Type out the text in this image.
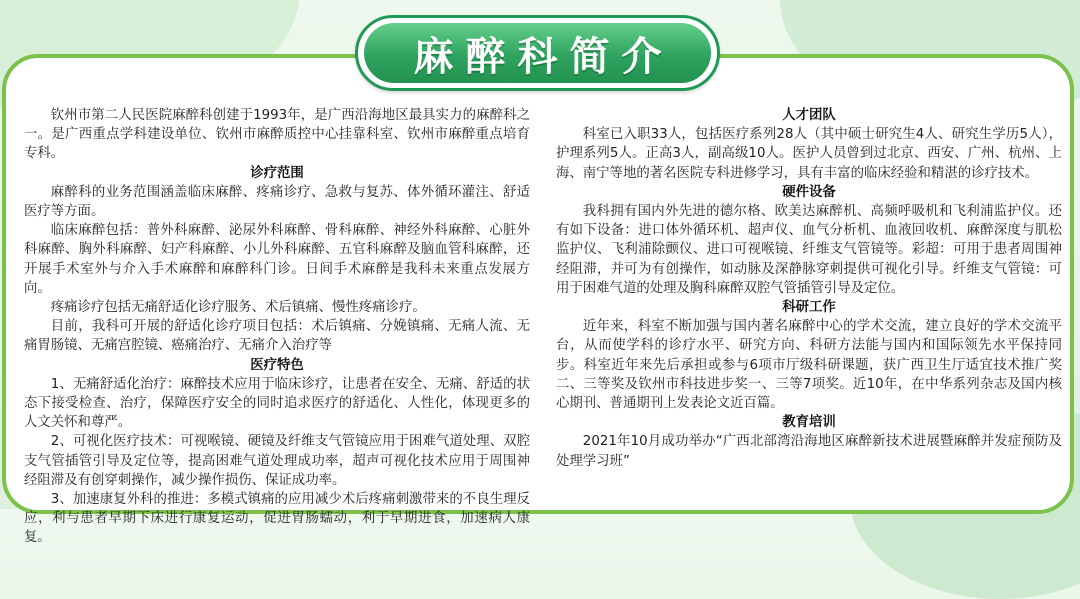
麻醉科简介

钦州市第二人民医院麻醉科创建于1993年，是广西沿海地区最具实力的麻醉科之一。是广西重点学科建设单位、钦州市麻醉质控中心挂靠科室、钦州市麻醉重点培育专科。

诊疗范围

麻醉科的业务范围涵盖临床麻醉、疼痛诊疗、急救与复苏、体外循环灌注、舒适医疗等方面。

临床麻醉包括：普外科麻醉、泌尿外科麻醉、骨科麻醉、神经外科麻醉、心脏外科麻醉、胸外科麻醉、妇产科麻醉、小儿外科麻醉、五官科麻醉及脑血管科麻醉，还开展手术室外与介入手术麻醉和麻醉科门诊。日间手术麻醉是我科未来重点发展方向。

疼痛诊疗包括无痛舒适化诊疗服务、术后镇痛、慢性疼痛诊疗。

目前，我科可开展的舒适化诊疗项目包括：术后镇痛、分娩镇痛、无痛人流、无痛胃肠镜、无痛宫腔镜、癌痛治疗、无痛介入治疗等

医疗特色

1、无痛舒适化治疗：麻醉技术应用于临床诊疗，让患者在安全、无痛、舒适的状态下接受检查、治疗，保障医疗安全的同时追求医疗的舒适化、人性化，体现更多的人文关怀和尊严。

2、可视化医疗技术：可视喉镜、硬镜及纤维支气管镜应用于困难气道处理、双腔支气管插管引导及定位等，提高困难气道处理成功率，超声可视化技术应用于周围神经阻滞及有创穿刺操作，减少操作损伤、保证成功率。

3、加速康复外科的推进：多模式镇痛的应用减少术后疼痛刺激带来的不良生理反应，利与患者早期下床进行康复运动，促进胃肠蠕动，利于早期进食，加速病人康复。

人才团队

科室已入职33人，包括医疗系列28人（其中硕士研究生4人、研究生学历5人），护理系列5人。正高3人，副高级10人。医护人员曾到过北京、西安、广州、杭州、上海、南宁等地的著名医院专科进修学习，具有丰富的临床经验和精湛的诊疗技术。

硬件设备

我科拥有国内外先进的德尔格、欧美达麻醉机、高频呼吸机和飞利浦监护仪。还有如下设备：进口体外循环机、超声仪、血气分析机、血液回收机、麻醉深度与肌松监护仪、飞利浦除颤仪、进口可视喉镜、纤维支气管镜等。彩超：可用于患者周围神经阻滞，并可为有创操作，如动脉及深静脉穿刺提供可视化引导。纤维支气管镜：可用于困难气道的处理及胸科麻醉双腔气管插管引导及定位。

科研工作

近年来，科室不断加强与国内著名麻醉中心的学术交流，建立良好的学术交流平台，从而使学科的诊疗水平、研究方向、科研方法能与国内和国际领先水平保持同步。科室近年来先后承担或参与6项市厅级科研课题，获广西卫生厅适宜技术推广奖二、三等奖及钦州市科技进步奖一、三等7项奖。近10年，在中华系列杂志及国内核心期刊、普通期刊上发表论文近百篇。

教育培训

2021年10月成功举办“广西北部湾沿海地区麻醉新技术进展暨麻醉并发症预防及处理学习班”
